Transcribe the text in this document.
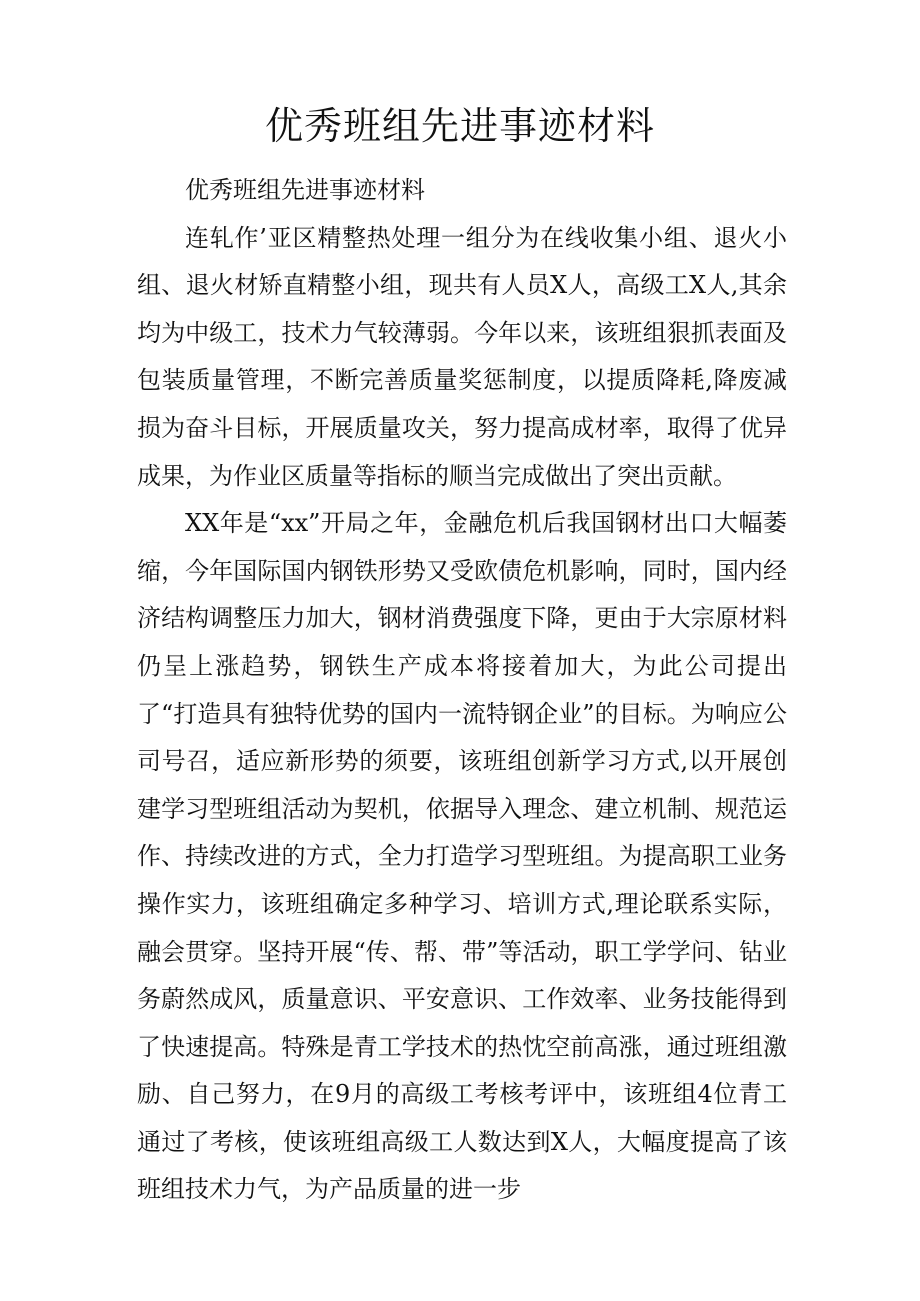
优秀班组先进事迹材料

优秀班组先进事迹材料

连轧作’亚区精整热处理一组分为在线收集小组、退火小组、退火材矫直精整小组，现共有人员X人，高级工X人,其余均为中级工，技术力气较薄弱。今年以来，该班组狠抓表面及包装质量管理，不断完善质量奖惩制度，以提质降耗,降废减损为奋斗目标，开展质量攻关，努力提高成材率，取得了优异成果，为作业区质量等指标的顺当完成做出了突出贡献。

XX年是“xx”开局之年，金融危机后我国钢材出口大幅萎缩，今年国际国内钢铁形势又受欧债危机影响，同时，国内经济结构调整压力加大，钢材消费强度下降，更由于大宗原材料仍呈上涨趋势，钢铁生产成本将接着加大，为此公司提出了“打造具有独特优势的国内一流特钢企业”的目标。为响应公司号召，适应新形势的须要，该班组创新学习方式,以开展创建学习型班组活动为契机，依据导入理念、建立机制、规范运作、持续改进的方式，全力打造学习型班组。为提高职工业务操作实力，该班组确定多种学习、培训方式,理论联系实际，融会贯穿。坚持开展“传、帮、带”等活动，职工学学问、钻业务蔚然成风，质量意识、平安意识、工作效率、业务技能得到了快速提高。特殊是青工学技术的热忱空前高涨，通过班组激励、自己努力，在9月的高级工考核考评中，该班组4位青工通过了考核，使该班组高级工人数达到X人，大幅度提高了该班组技术力气，为产品质量的进一步
